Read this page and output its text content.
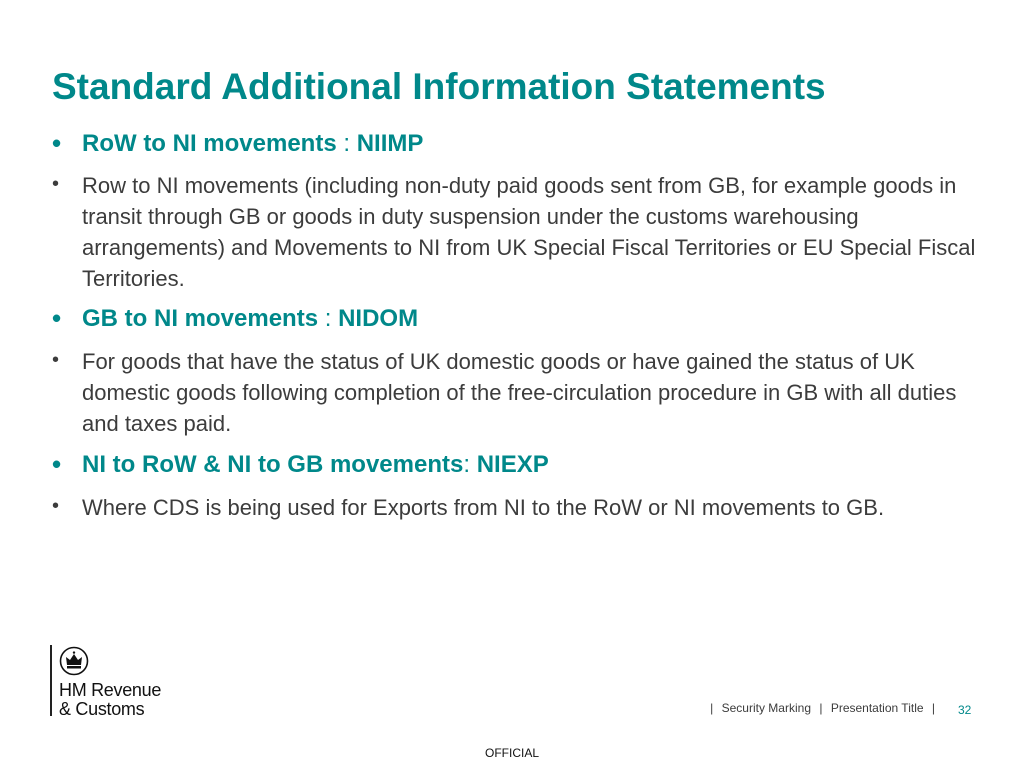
Standard Additional Information Statements
• RoW to NI movements : NIIMP
• Row to NI movements (including non-duty paid goods sent from GB, for example goods in transit through GB or goods in duty suspension under the customs warehousing arrangements) and Movements to NI from UK Special Fiscal Territories or EU Special Fiscal Territories.
• GB to NI movements : NIDOM
• For goods that have the status of UK domestic goods or have gained the status of UK domestic goods following completion of the free-circulation procedure in GB with all duties and taxes paid.
• NI to RoW & NI to GB movements: NIEXP
• Where CDS is being used for Exports from NI to the RoW or NI movements to GB.
HM Revenue
& Customs	| Security Marking | Presentation Title |	32
OFFICIAL
